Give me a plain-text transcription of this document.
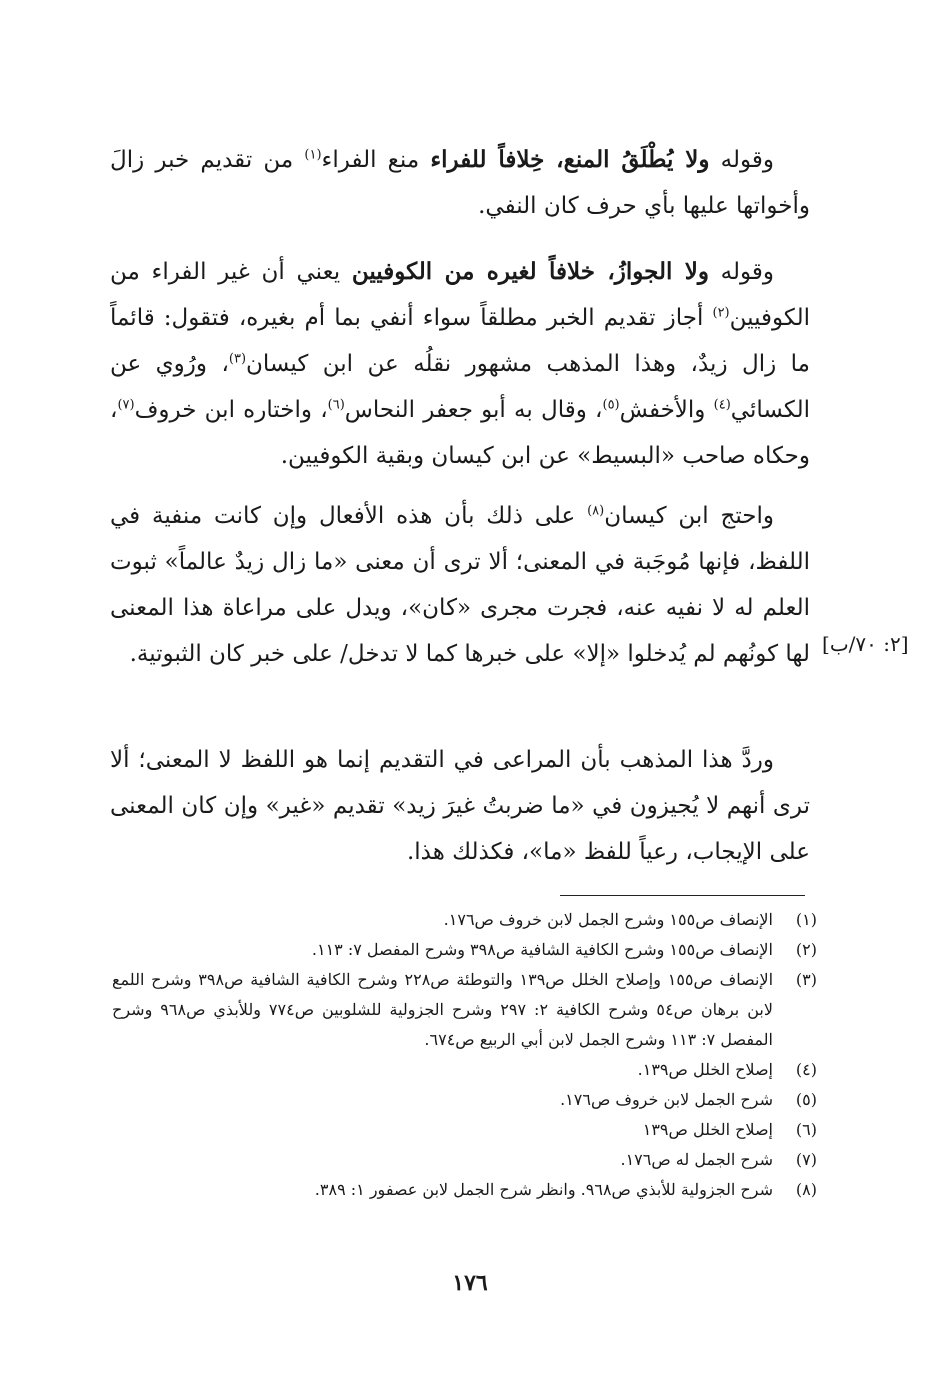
وقوله ولا يُطْلَقُ المنع، خِلافاً للفراء منع الفراء$^{(١)}$ من تقديم خبر زالَ وأخواتها عليها بأي حرف كان النفي.

وقوله ولا الجوازُ، خلافاً لغيره من الكوفيين يعني أن غير الفراء من الكوفيين$^{(٢)}$ أجاز تقديم الخبر مطلقاً سواء أنفي بما أم بغيره، فتقول: قائماً ما زال زيدٌ، وهذا المذهب مشهور نقلُه عن ابن كيسان$^{(٣)}$، ورُوي عن الكسائي$^{(٤)}$ والأخفش$^{(٥)}$، وقال به أبو جعفر النحاس$^{(٦)}$، واختاره ابن خروف$^{(٧)}$، وحكاه صاحب «البسيط» عن ابن كيسان وبقية الكوفيين.

واحتج ابن كيسان$^{(٨)}$ على ذلك بأن هذه الأفعال وإن كانت منفية في اللفظ، فإنها مُوجَبة في المعنى؛ ألا ترى أن معنى «ما زال زيدٌ عالماً» ثبوت العلم له لا نفيه عنه، فجرت مجرى «كان»، ويدل على مراعاة هذا المعنى لها كونُهم لم يُدخلوا «إلا» على خبرها كما لا تدخل/ على خبر كان الثبوتية. [٢: ٧٠/ب]

وردَّ هذا المذهب بأن المراعى في التقديم إنما هو اللفظ لا المعنى؛ ألا ترى أنهم لا يُجيزون في «ما ضربتُ غيرَ زيد» تقديم «غير» وإن كان المعنى على الإيجاب، رعياً للفظ «ما»، فكذلك هذا.

(١)
الإنصاف ص١٥٥ وشرح الجمل لابن خروف ص١٧٦.
(٢)
الإنصاف ص١٥٥ وشرح الكافية الشافية ص٣٩٨ وشرح المفصل ٧: ١١٣.
(٣)
الإنصاف ص١٥٥ وإصلاح الخلل ص١٣٩ والتوطئة ص٢٢٨ وشرح الكافية الشافية ص٣٩٨ وشرح اللمع لابن برهان ص٥٤ وشرح الكافية ٢: ٢٩٧ وشرح الجزولية للشلوبين ص٧٧٤ وللأبذي ص٩٦٨ وشرح المفصل ٧: ١١٣ وشرح الجمل لابن أبي الربيع ص٦٧٤.
(٤)
إصلاح الخلل ص١٣٩.
(٥)
شرح الجمل لابن خروف ص١٧٦.
(٦)
إصلاح الخلل ص١٣٩
(٧)
شرح الجمل له ص١٧٦.
(٨)
شرح الجزولية للأبذي ص٩٦٨. وانظر شرح الجمل لابن عصفور ١: ٣٨٩.
١٧٦
